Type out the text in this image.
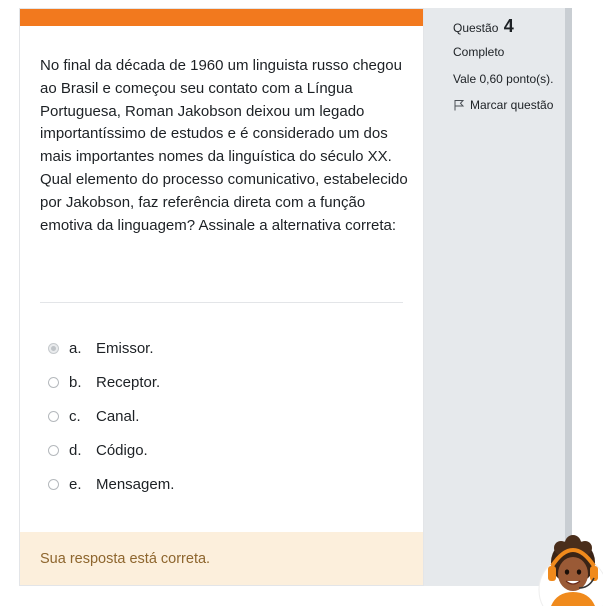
No final da década de 1960 um linguista russo chegou ao Brasil e começou seu contato com a Língua Portuguesa, Roman Jakobson deixou um legado importantíssimo de estudos e é considerado um dos mais importantes nomes da linguística do século XX. Qual elemento do processo comunicativo, estabelecido por Jakobson, faz referência direta com a função emotiva da linguagem? Assinale a alternativa correta:

a. Emissor.
b. Receptor.
c.	Canal.
d. Código.
e. Mensagem.
Sua resposta está correta.
Questão 4
Completo
Vale 0,60 ponto(s).
Marcar questão
